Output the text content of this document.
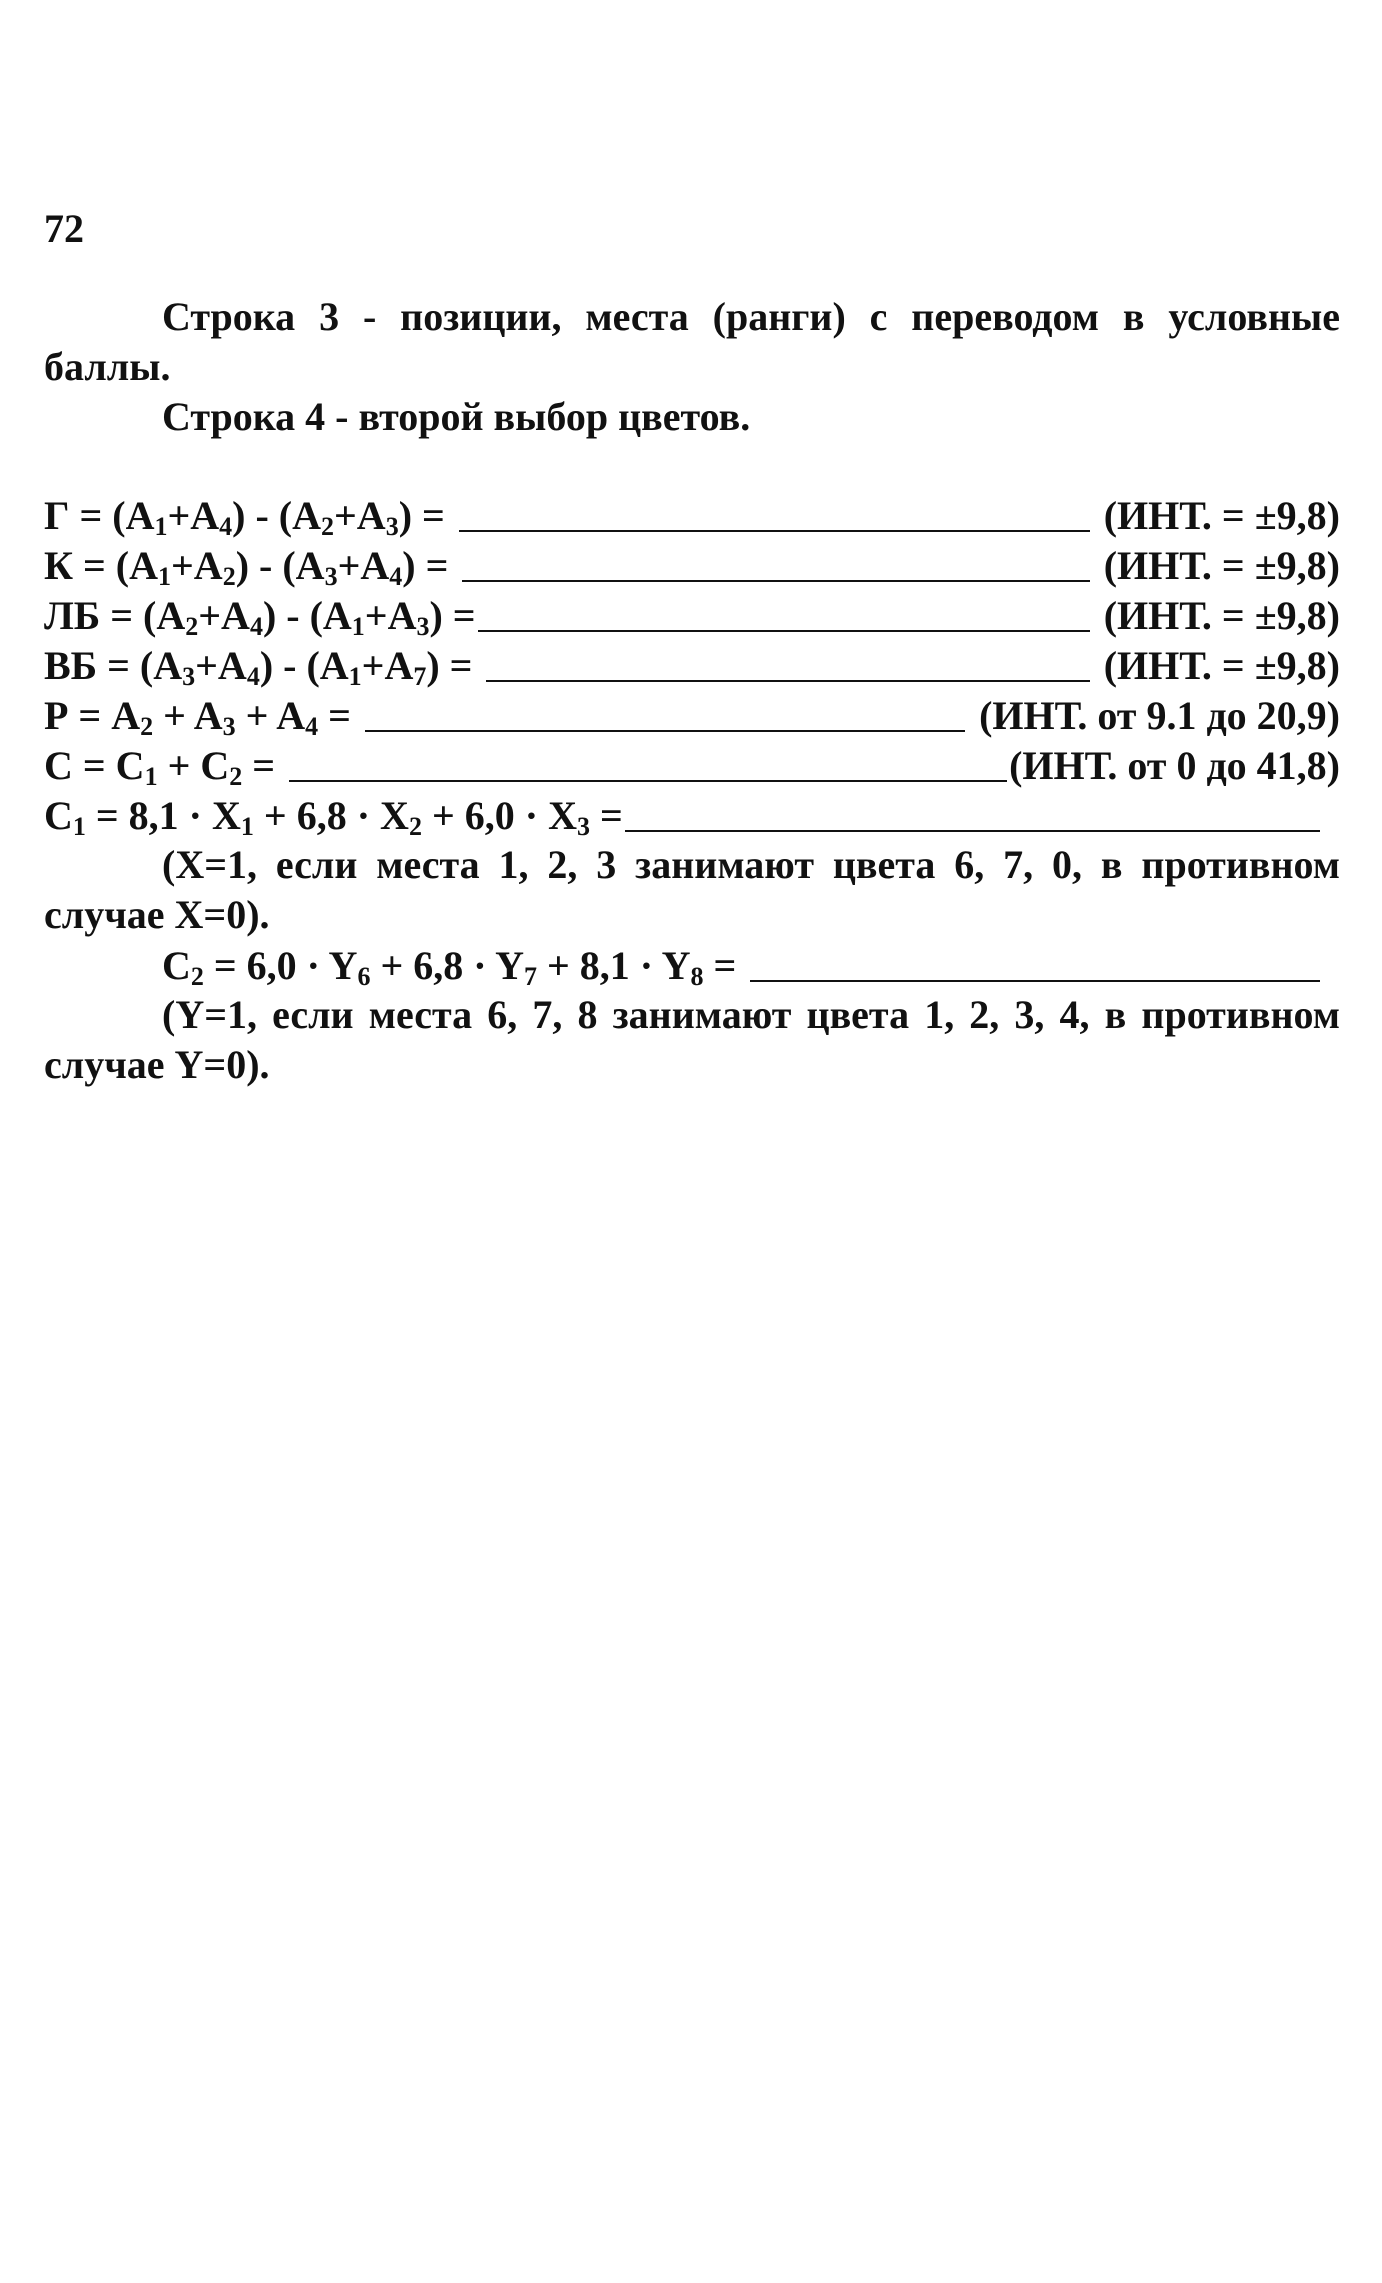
72

Строка 3 - позиции, места (ранги) с переводом в условные баллы.

Строка 4 - второй выбор цветов.

$Г = (A_1+A_4) - (A_2+A_3)$ =	(ИНТ. = ±9,8)
$К = (A_1+A_2) - (A_3+A_4)$ =	(ИНТ. = ±9,8)
ЛБ = $(A_2+A_4) - (A_1+A_3)$ =	(ИНТ. = ±9,8)
ВБ = $(A_3+A_4) - (A_1+A_7)$ =	(ИНТ. = ±9,8)
$Р = A_2 + A_3 + A_4$ =	(ИНТ. от 9.1 до 20,9)
$С = C_1 + C_2$ =	(ИНТ. от 0 до 41,8)
$C_1 = 8,1 \cdot X_1 + 6,8 \cdot X_2 + 6,0 \cdot X_3$ =

(X=1, если места 1, 2, 3 занимают цвета 6, 7, 0, в противном случае X=0).

$C_2 = 6,0 \cdot Y_6 + 6,8 \cdot Y_7 + 8,1 \cdot Y_8$ =

(Y=1, если места 6, 7, 8 занимают цвета 1, 2, 3, 4, в противном случае Y=0).
